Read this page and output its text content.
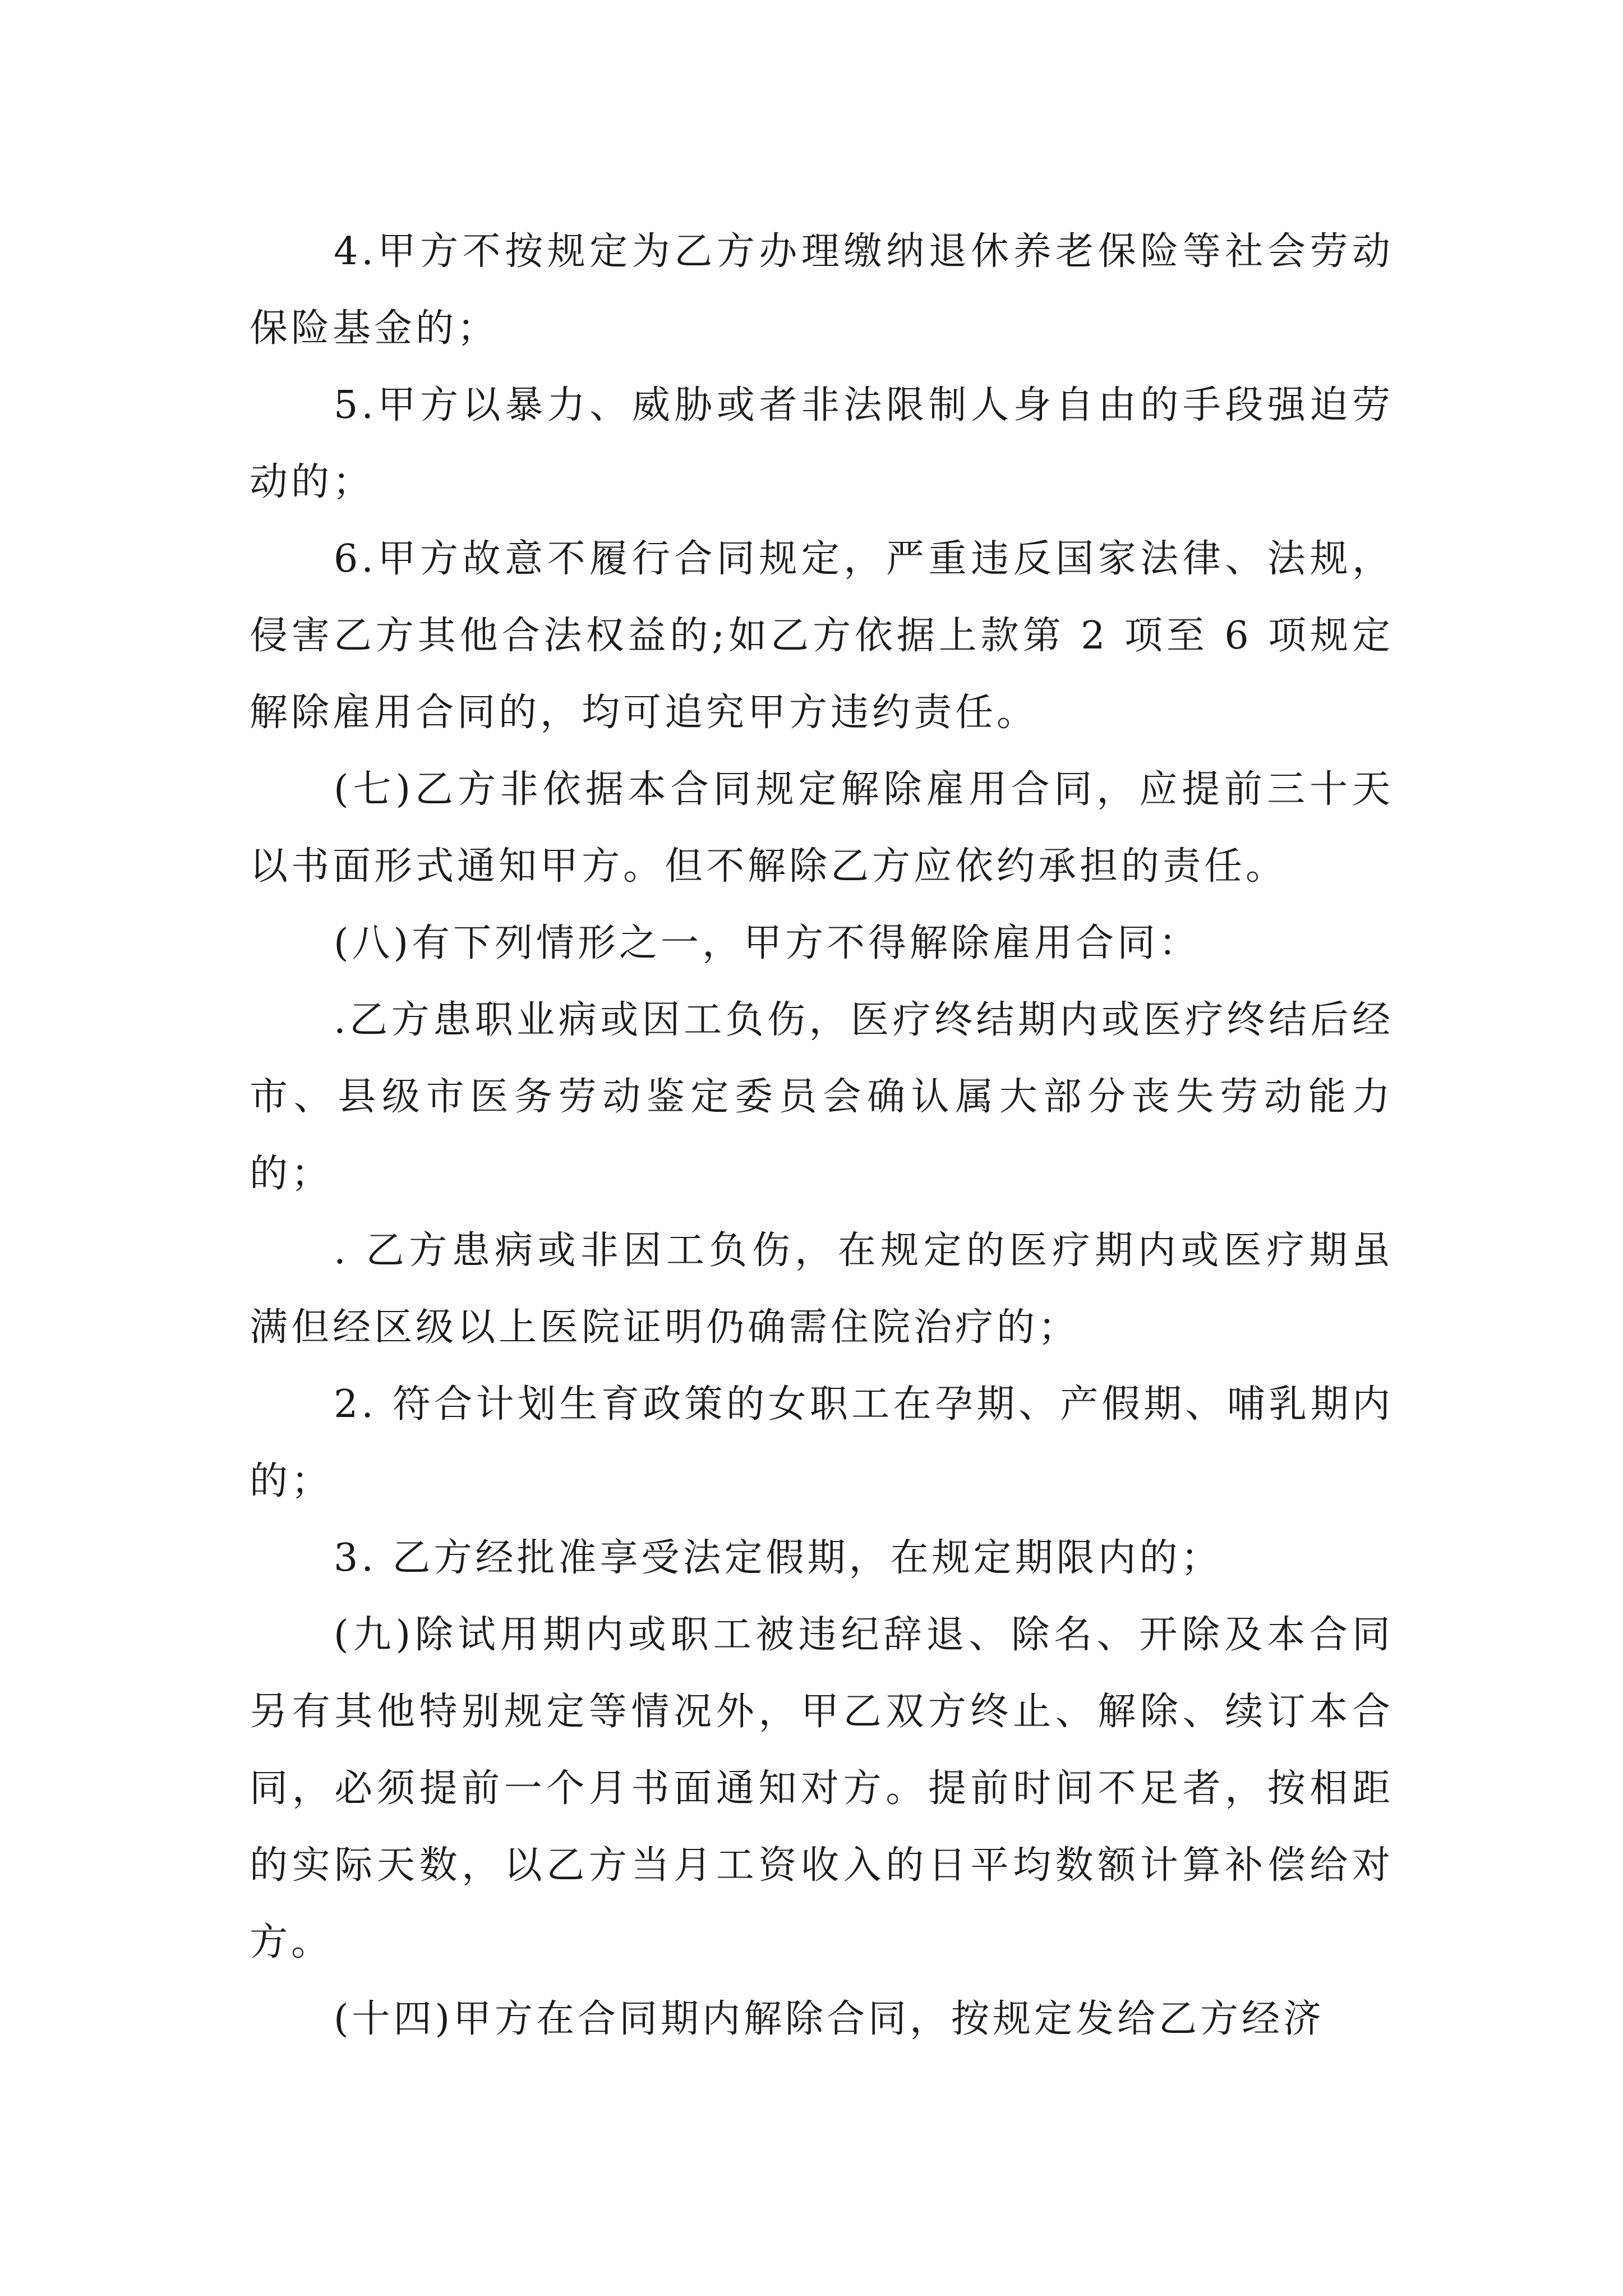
4.甲方不按规定为乙方办理缴纳退休养老保险等社会劳动保险基金的；

5.甲方以暴力、威胁或者非法限制人身自由的手段强迫劳动的；

6.甲方故意不履行合同规定，严重违反国家法律、法规，侵害乙方其他合法权益的;如乙方依据上款第 2 项至 6 项规定解除雇用合同的，均可追究甲方违约责任。

(七)乙方非依据本合同规定解除雇用合同，应提前三十天以书面形式通知甲方。但不解除乙方应依约承担的责任。

(八)有下列情形之一，甲方不得解除雇用合同：

.乙方患职业病或因工负伤，医疗终结期内或医疗终结后经市、县级市医务劳动鉴定委员会确认属大部分丧失劳动能力的；

. 乙方患病或非因工负伤，在规定的医疗期内或医疗期虽满但经区级以上医院证明仍确需住院治疗的；

2. 符合计划生育政策的女职工在孕期、产假期、哺乳期内的；

3. 乙方经批准享受法定假期，在规定期限内的；

(九)除试用期内或职工被违纪辞退、除名、开除及本合同另有其他特别规定等情况外，甲乙双方终止、解除、续订本合同，必须提前一个月书面通知对方。提前时间不足者，按相距的实际天数，以乙方当月工资收入的日平均数额计算补偿给对方。

(十四)甲方在合同期内解除合同，按规定发给乙方经济
